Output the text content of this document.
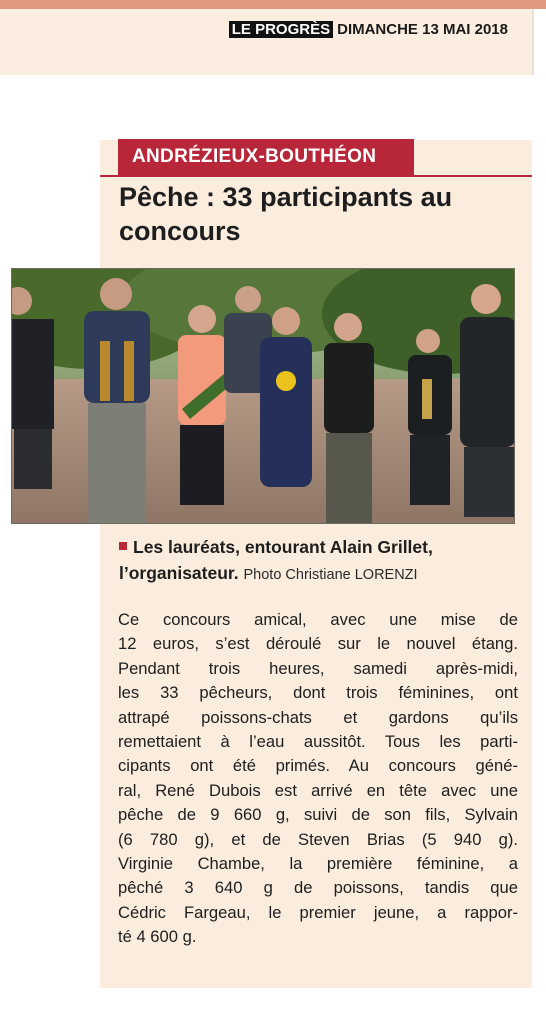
LE PROGRÈS DIMANCHE 13 MAI 2018
ANDRÉZIEUX-BOUTHÉON
Pêche : 33 participants au concours
Les lauréats, entourant Alain Grillet, l’organisateur. Photo Christiane LORENZI
Ce concours amical, avec une mise de
12 euros, s’est déroulé sur le nouvel étang.
Pendant trois heures, samedi après-midi,
les 33 pêcheurs, dont trois féminines, ont
attrapé poissons-chats et gardons qu’ils
remettaient à l’eau aussitôt. Tous les parti-
cipants ont été primés. Au concours géné-
ral, René Dubois est arrivé en tête avec une
pêche de 9 660 g, suivi de son fils, Sylvain
(6 780 g), et de Steven Brias (5 940 g).
Virginie Chambe, la première féminine, a
pêché 3 640 g de poissons, tandis que
Cédric Fargeau, le premier jeune, a rappor-
té 4 600 g.
